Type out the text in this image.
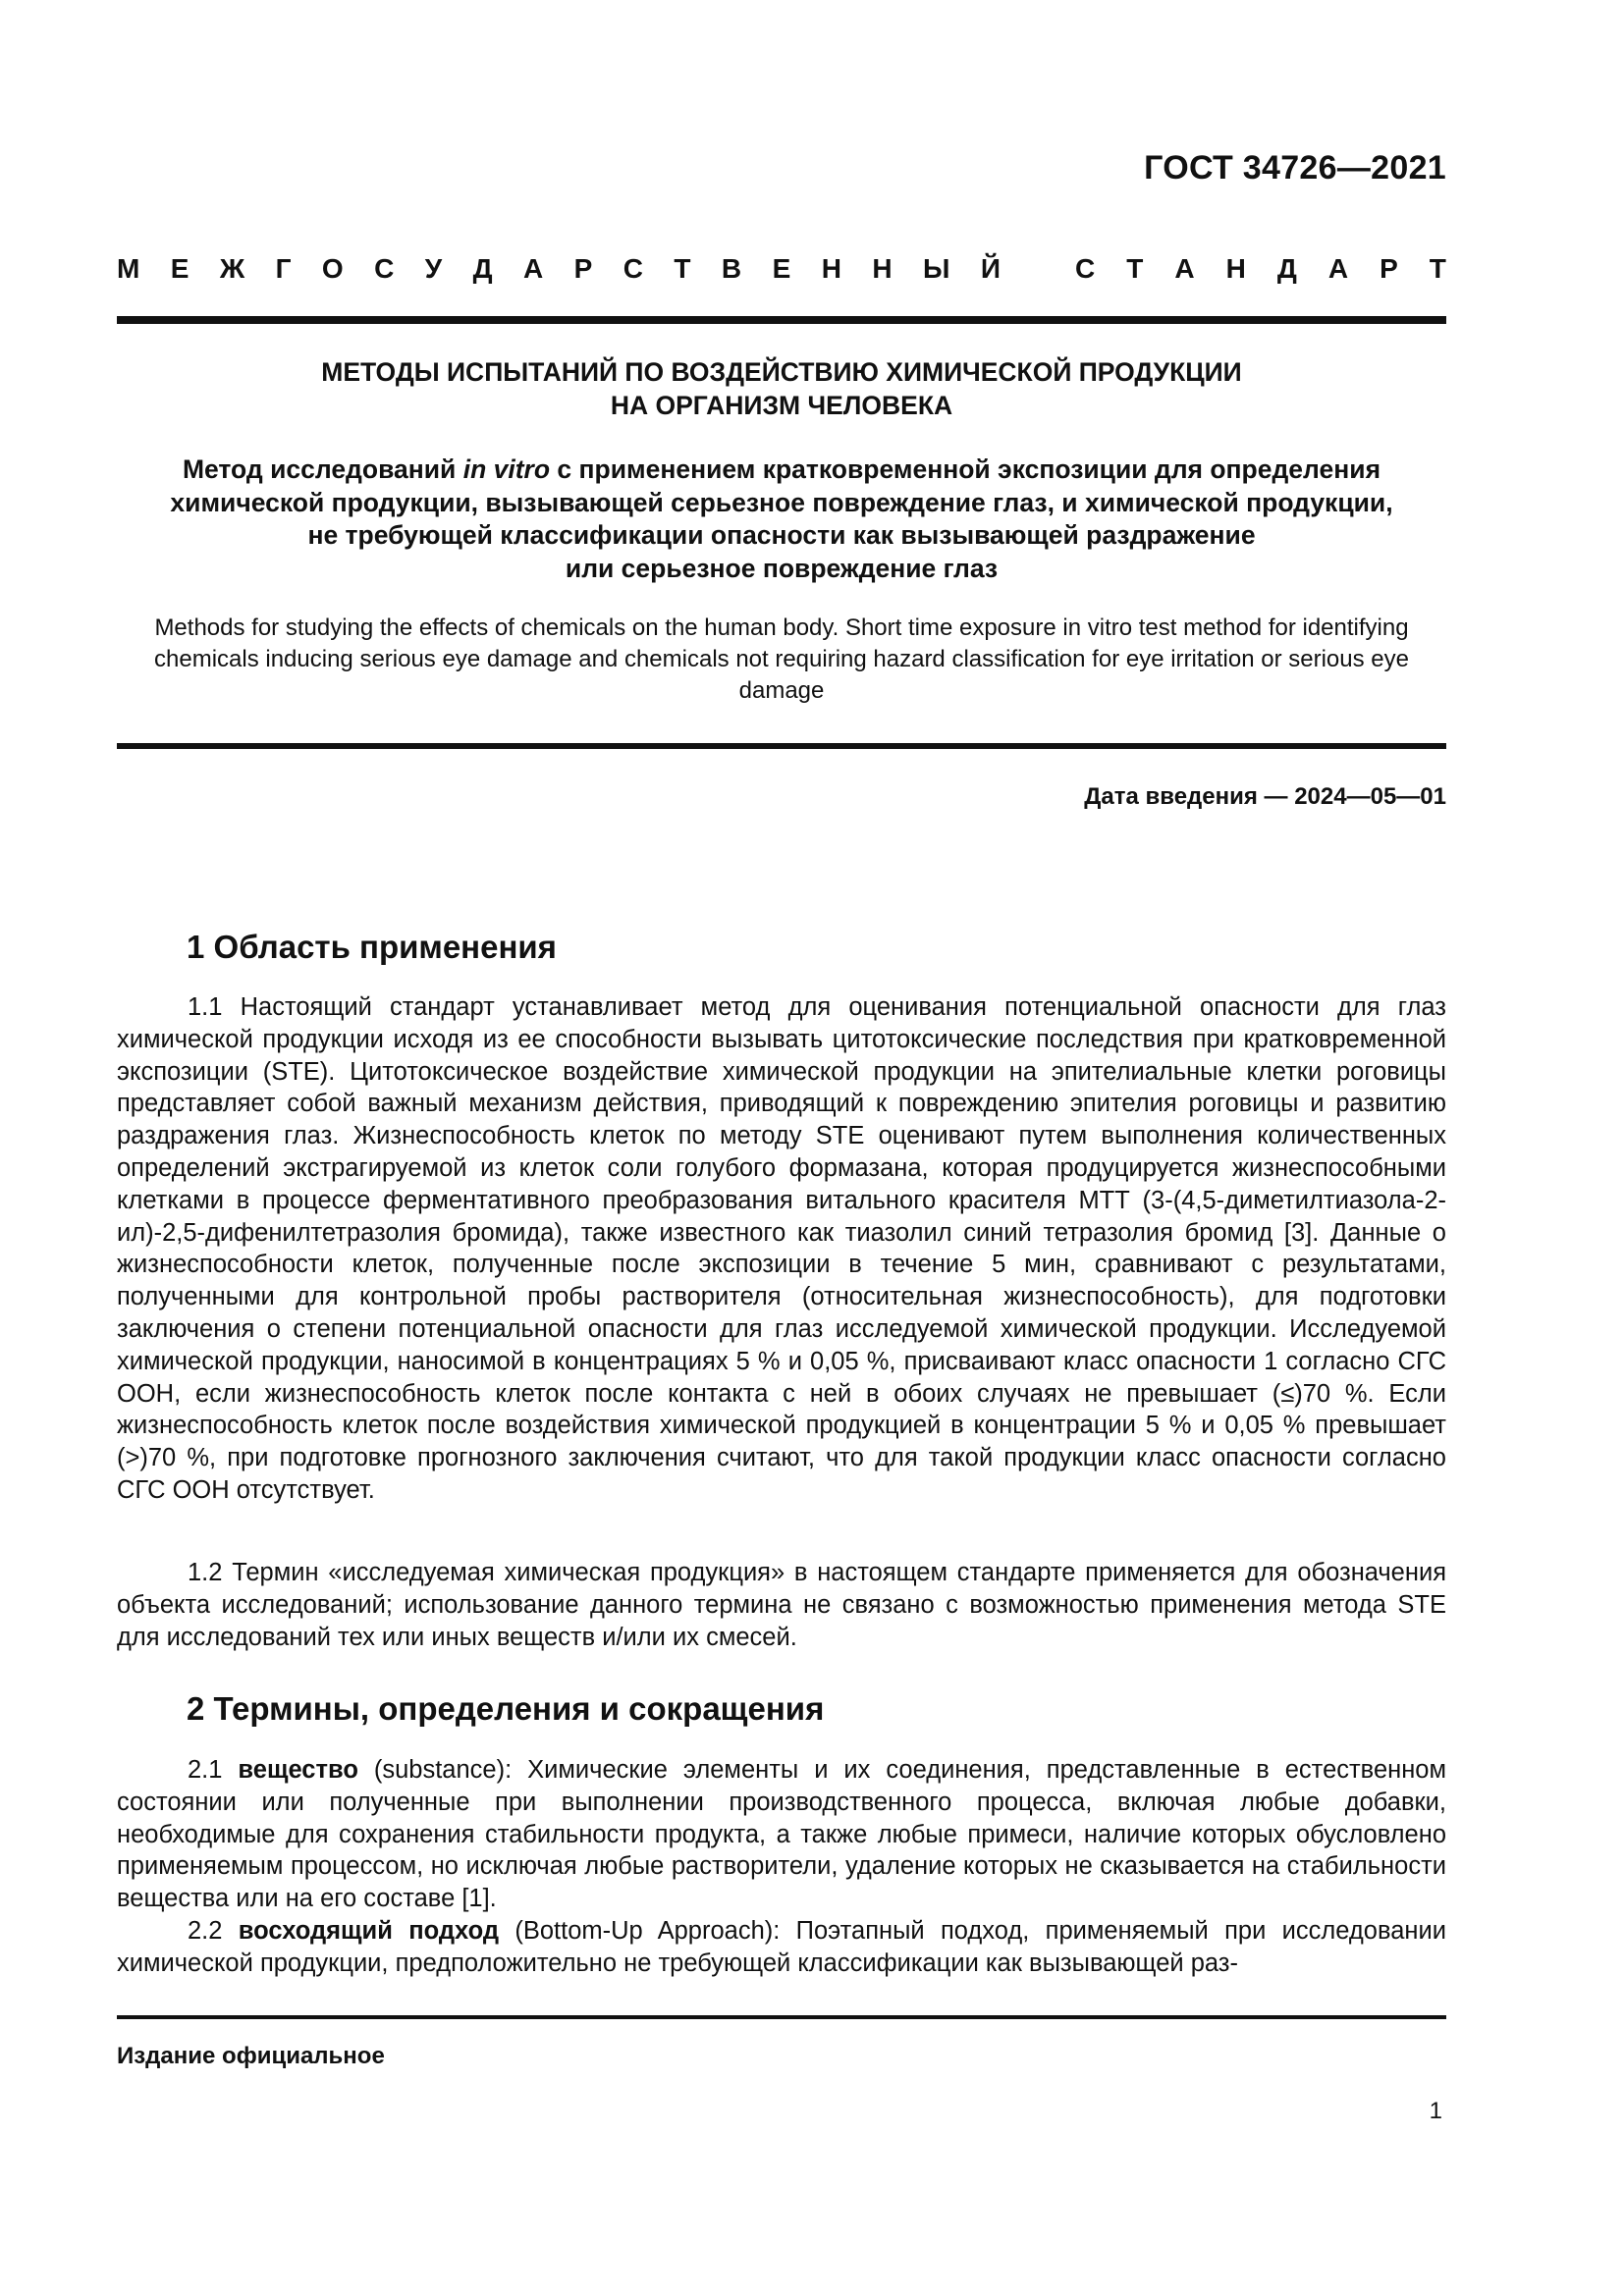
ГОСТ 34726—2021
М Е Ж Г О С У Д А Р С Т В Е Н Н Ы Й	С Т А Н Д А Р Т
МЕТОДЫ ИСПЫТАНИЙ ПО ВОЗДЕЙСТВИЮ ХИМИЧЕСКОЙ ПРОДУКЦИИ
НА ОРГАНИЗМ ЧЕЛОВЕКА
Метод исследований in vitro с применением кратковременной экспозиции для определения
химической продукции, вызывающей серьезное повреждение глаз, и химической продукции,
не требующей классификации опасности как вызывающей раздражение
или серьезное повреждение глаз
Methods for studying the effects of chemicals on the human body. Short time exposure in vitro test method for identifying
chemicals inducing serious eye damage and chemicals not requiring hazard classification for eye irritation or serious eye
damage
Дата введения — 2024—05—01
1 Область применения
1.1 Настоящий стандарт устанавливает метод для оценивания потенциальной опасности для глаз химической продукции исходя из ее способности вызывать цитотоксические последствия при кратковременной экспозиции (STE). Цитотоксическое воздействие химической продукции на эпителиальные клетки роговицы представляет собой важный механизм действия, приводящий к повреждению эпителия роговицы и развитию раздражения глаз. Жизнеспособность клеток по методу STE оценивают путем выполнения количественных определений экстрагируемой из клеток соли голубого формазана, которая продуцируется жизнеспособными клетками в процессе ферментативного преобразования витального красителя МТТ (3-(4,5-диметилтиазола-2-ил)-2,5-дифенилтетразолия бромида), также известного как тиазолил синий тетразолия бромид [3]. Данные о жизнеспособности клеток, полученные после экспозиции в течение 5 мин, сравнивают с результатами, полученными для контрольной пробы растворителя (относительная жизнеспособность), для подготовки заключения о степени потенциальной опасности для глаз исследуемой химической продукции. Исследуемой химической продукции, наносимой в концентрациях 5 % и 0,05 %, присваивают класс опасности 1 согласно СГС ООН, если жизнеспособность клеток после контакта с ней в обоих случаях не превышает (≤)70 %. Если жизнеспособность клеток после воздействия химической продукцией в концентрации 5 % и 0,05 % превышает (>)70 %, при подготовке прогнозного заключения считают, что для такой продукции класс опасности согласно СГС ООН отсутствует.
1.2 Термин «исследуемая химическая продукция» в настоящем стандарте применяется для обозначения объекта исследований; использование данного термина не связано с возможностью применения метода STE для исследований тех или иных веществ и/или их смесей.
2 Термины, определения и сокращения
2.1 вещество (substance): Химические элементы и их соединения, представленные в естественном состоянии или полученные при выполнении производственного процесса, включая любые добавки, необходимые для сохранения стабильности продукта, а также любые примеси, наличие которых обусловлено применяемым процессом, но исключая любые растворители, удаление которых не сказывается на стабильности вещества или на его составе [1].
2.2 восходящий подход (Bottom-Up Approach): Поэтапный подход, применяемый при исследовании химической продукции, предположительно не требующей классификации как вызывающей раз-
Издание официальное
1
